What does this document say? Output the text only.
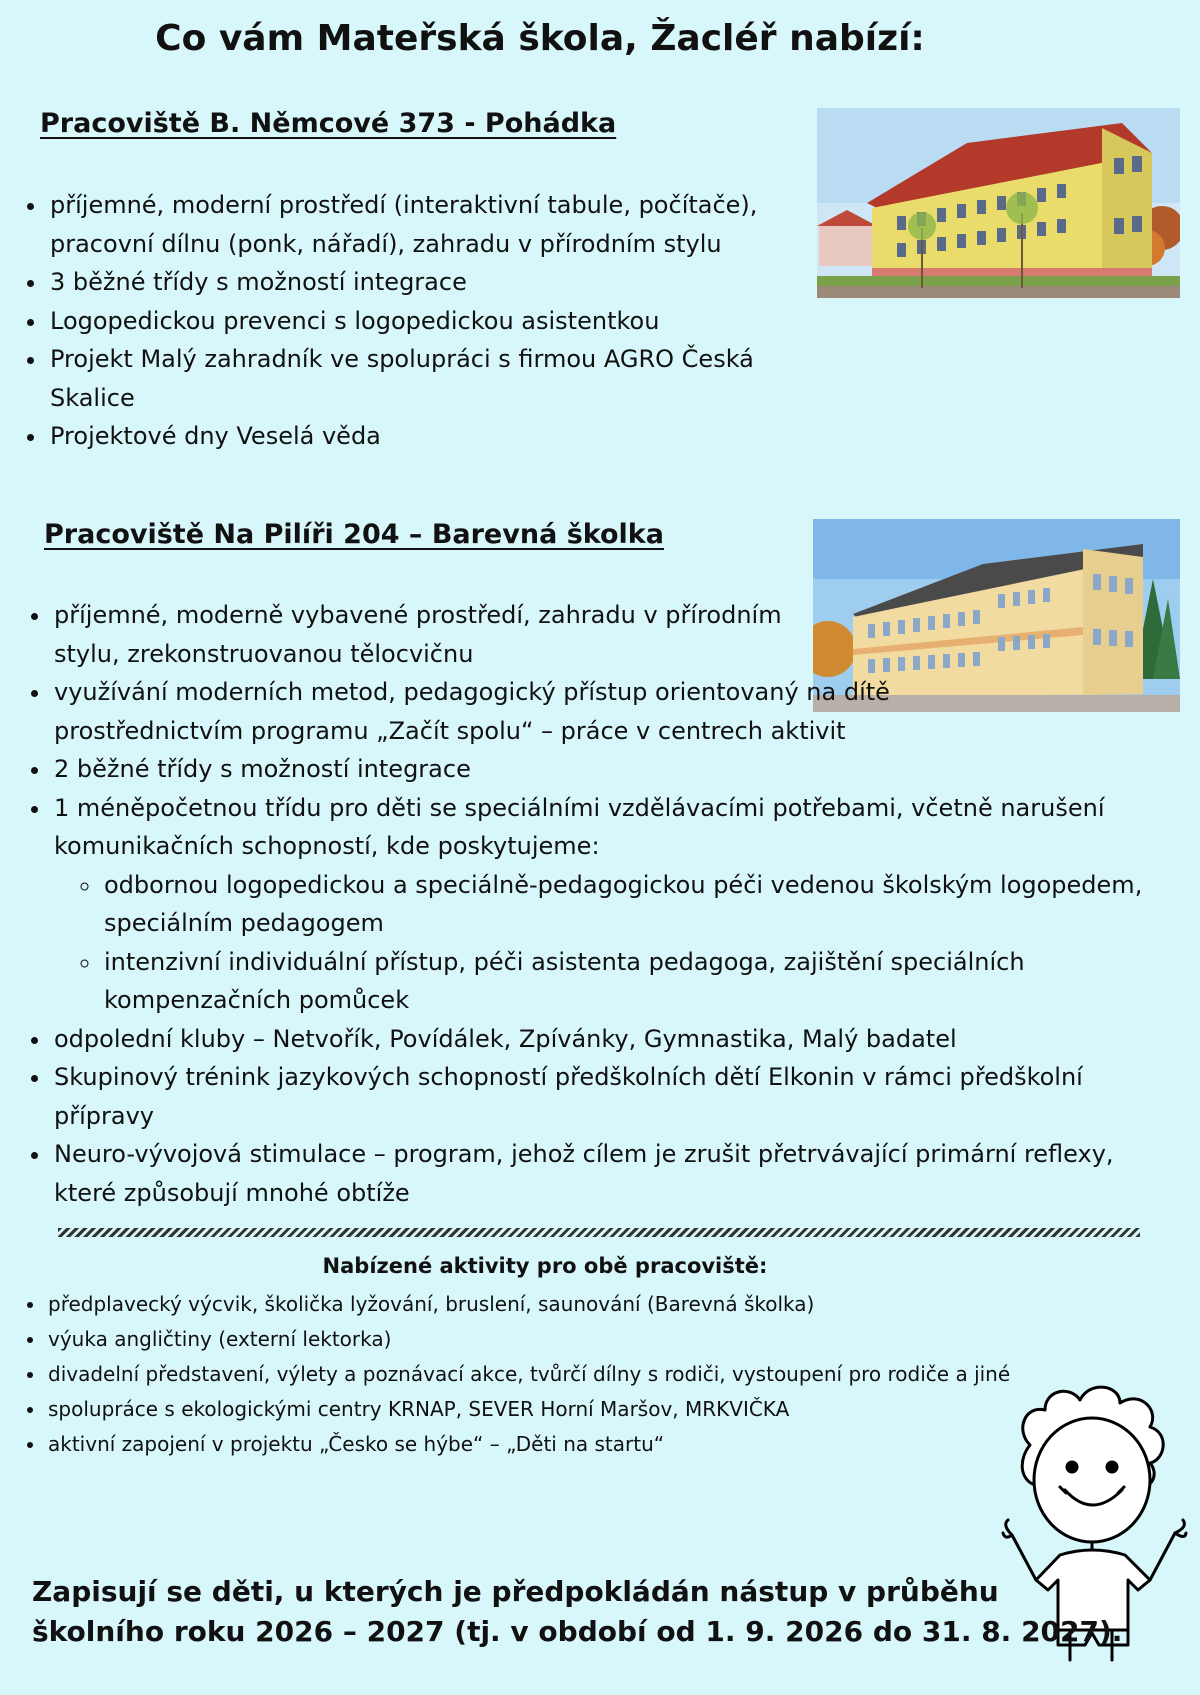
Co vám Mateřská škola, Žacléř nabízí:
Pracoviště B. Němcové 373 - Pohádka
• příjemné, moderní prostředí (interaktivní tabule, počítače), pracovní dílnu (ponk, nářadí), zahradu v přírodním stylu
• 3 běžné třídy s možností integrace
• Logopedickou prevenci s logopedickou asistentkou
• Projekt Malý zahradník ve spolupráci s firmou AGRO Česká Skalice
• Projektové dny Veselá věda
Pracoviště Na Pilíři 204 – Barevná školka
• příjemné, moderně vybavené prostředí, zahradu v přírodním stylu, zrekonstruovanou tělocvičnu
• využívání moderních metod, pedagogický přístup orientovaný na dítě prostřednictvím programu „Začít spolu“ – práce v centrech aktivit
• 2 běžné třídy s možností integrace
• 1 méněpočetnou třídu pro děti se speciálními vzdělávacími potřebami, včetně narušení komunikačních schopností, kde poskytujeme:
◦ odbornou logopedickou a speciálně-pedagogickou péči vedenou školským logopedem, speciálním pedagogem
◦ intenzivní individuální přístup, péči asistenta pedagoga, zajištění speciálních kompenzačních pomůcek
• odpolední kluby – Netvořík, Povídálek, Zpívánky, Gymnastika, Malý badatel
• Skupinový trénink jazykových schopností předškolních dětí Elkonin v rámci předškolní přípravy
• Neuro-vývojová stimulace – program, jehož cílem je zrušit přetrvávající primární reflexy, které způsobují mnohé obtíže
Nabízené aktivity pro obě pracoviště:
• předplavecký výcvik, školička lyžování, bruslení, saunování (Barevná školka)
• výuka angličtiny (externí lektorka)
• divadelní představení, výlety a poznávací akce, tvůrčí dílny s rodiči, vystoupení pro rodiče a jiné
• spolupráce s ekologickými centry KRNAP, SEVER Horní Maršov, MRKVIČKA
• aktivní zapojení v projektu „Česko se hýbe“ – „Děti na startu“

Zapisují se děti, u kterých je předpokládán nástup v průběhu školního roku 2026 – 2027 (tj. v období od 1. 9. 2026 do 31. 8. 2027).
